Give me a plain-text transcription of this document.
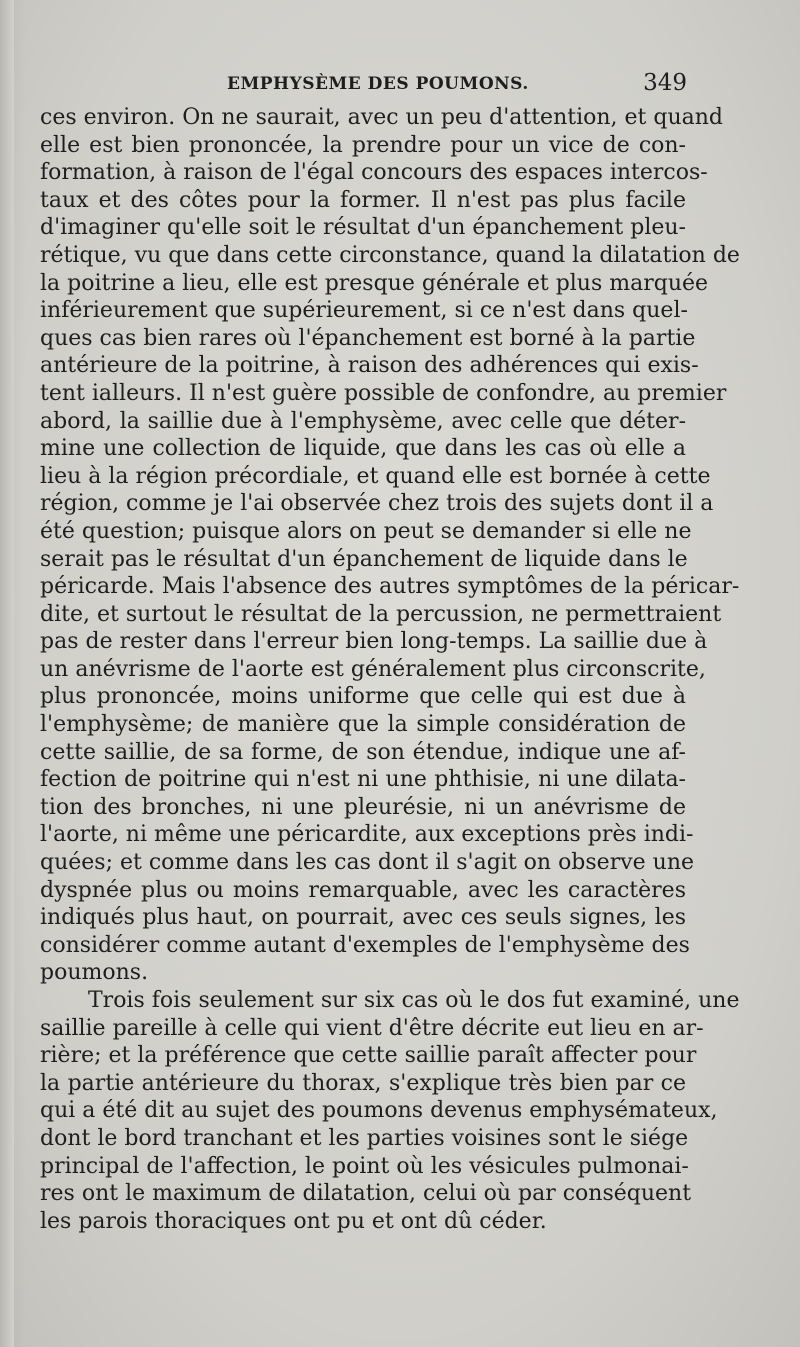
EMPHYSÈME DES POUMONS.	349
ces environ. On ne saurait, avec un peu d'attention, et quand
elle est bien prononcée, la prendre pour un vice de con-
formation, à raison de l'égal concours des espaces intercos-
taux et des côtes pour la former. Il n'est pas plus facile
d'imaginer qu'elle soit le résultat d'un épanchement pleu-
rétique, vu que dans cette circonstance, quand la dilatation de
la poitrine a lieu, elle est presque générale et plus marquée
inférieurement que supérieurement, si ce n'est dans quel-
ques cas bien rares où l'épanchement est borné à la partie
antérieure de la poitrine, à raison des adhérences qui exis-
tent ialleurs. Il n'est guère possible de confondre, au premier
abord, la saillie due à l'emphysème, avec celle que déter-
mine une collection de liquide, que dans les cas où elle a
lieu à la région précordiale, et quand elle est bornée à cette
région, comme je l'ai observée chez trois des sujets dont il a
été question; puisque alors on peut se demander si elle ne
serait pas le résultat d'un épanchement de liquide dans le
péricarde. Mais l'absence des autres symptômes de la péricar-
dite, et surtout le résultat de la percussion, ne permettraient
pas de rester dans l'erreur bien long-temps. La saillie due à
un anévrisme de l'aorte est généralement plus circonscrite,
plus prononcée, moins uniforme que celle qui est due à
l'emphysème; de manière que la simple considération de
cette saillie, de sa forme, de son étendue, indique une af-
fection de poitrine qui n'est ni une phthisie, ni une dilata-
tion des bronches, ni une pleurésie, ni un anévrisme de
l'aorte, ni même une péricardite, aux exceptions près indi-
quées; et comme dans les cas dont il s'agit on observe une
dyspnée plus ou moins remarquable, avec les caractères
indiqués plus haut, on pourrait, avec ces seuls signes, les
considérer comme autant d'exemples de l'emphysème des
poumons.
Trois fois seulement sur six cas où le dos fut examiné, une
saillie pareille à celle qui vient d'être décrite eut lieu en ar-
rière; et la préférence que cette saillie paraît affecter pour
la partie antérieure du thorax, s'explique très bien par ce
qui a été dit au sujet des poumons devenus emphysémateux,
dont le bord tranchant et les parties voisines sont le siége
principal de l'affection, le point où les vésicules pulmonai-
res ont le maximum de dilatation, celui où par conséquent
les parois thoraciques ont pu et ont dû céder.
